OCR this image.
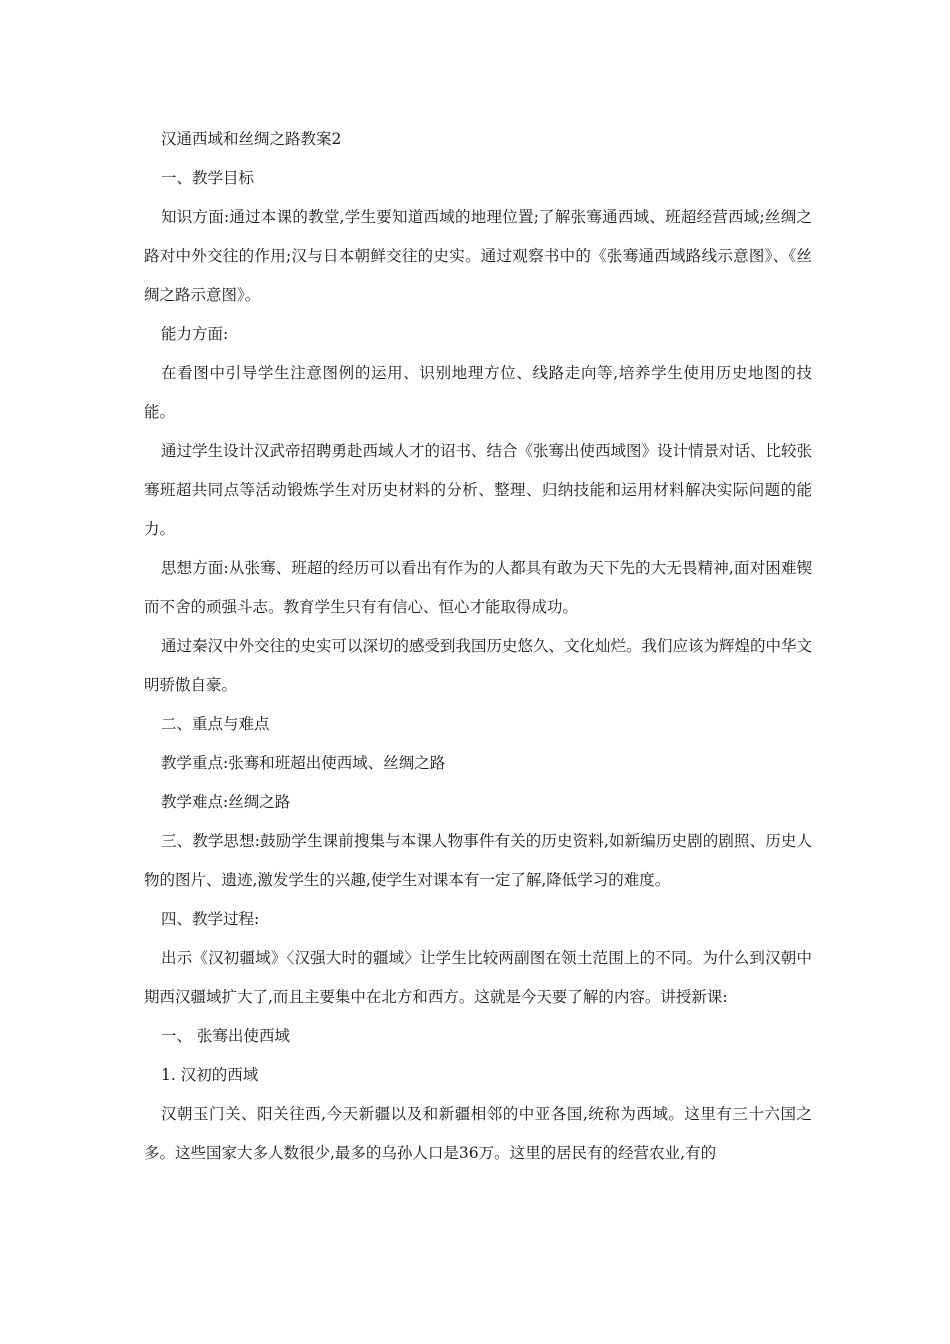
汉通西域和丝绸之路教案2

一、教学目标

知识方面:通过本课的教堂,学生要知道西域的地理位置;了解张骞通西域、班超经营西域;丝绸之路对中外交往的作用;汉与日本朝鲜交往的史实。通过观察书中的《张骞通西域路线示意图》、《丝绸之路示意图》。

能力方面:

在看图中引导学生注意图例的运用、识别地理方位、线路走向等,培养学生使用历史地图的技能。

通过学生设计汉武帝招聘勇赴西域人才的诏书、结合《张骞出使西域图》设计情景对话、比较张骞班超共同点等活动锻炼学生对历史材料的分析、整理、归纳技能和运用材料解决实际问题的能力。

思想方面:从张骞、班超的经历可以看出有作为的人都具有敢为天下先的大无畏精神,面对困难锲而不舍的顽强斗志。教育学生只有有信心、恒心才能取得成功。

通过秦汉中外交往的史实可以深切的感受到我国历史悠久、文化灿烂。我们应该为辉煌的中华文明骄傲自豪。

二、重点与难点

教学重点:张骞和班超出使西域、丝绸之路

教学难点:丝绸之路

三、教学思想:鼓励学生课前搜集与本课人物事件有关的历史资料,如新编历史剧的剧照、历史人物的图片、遗迹,激发学生的兴趣,使学生对课本有一定了解,降低学习的难度。

四、教学过程:

出示《汉初疆域》〈汉强大时的疆域〉让学生比较两副图在领土范围上的不同。为什么到汉朝中期西汉疆域扩大了,而且主要集中在北方和西方。这就是今天要了解的内容。讲授新课:

一、 张骞出使西域

1. 汉初的西域

汉朝玉门关、阳关往西,今天新疆以及和新疆相邻的中亚各国,统称为西域。这里有三十六国之多。这些国家大多人数很少,最多的乌孙人口是36万。这里的居民有的经营农业,有的
